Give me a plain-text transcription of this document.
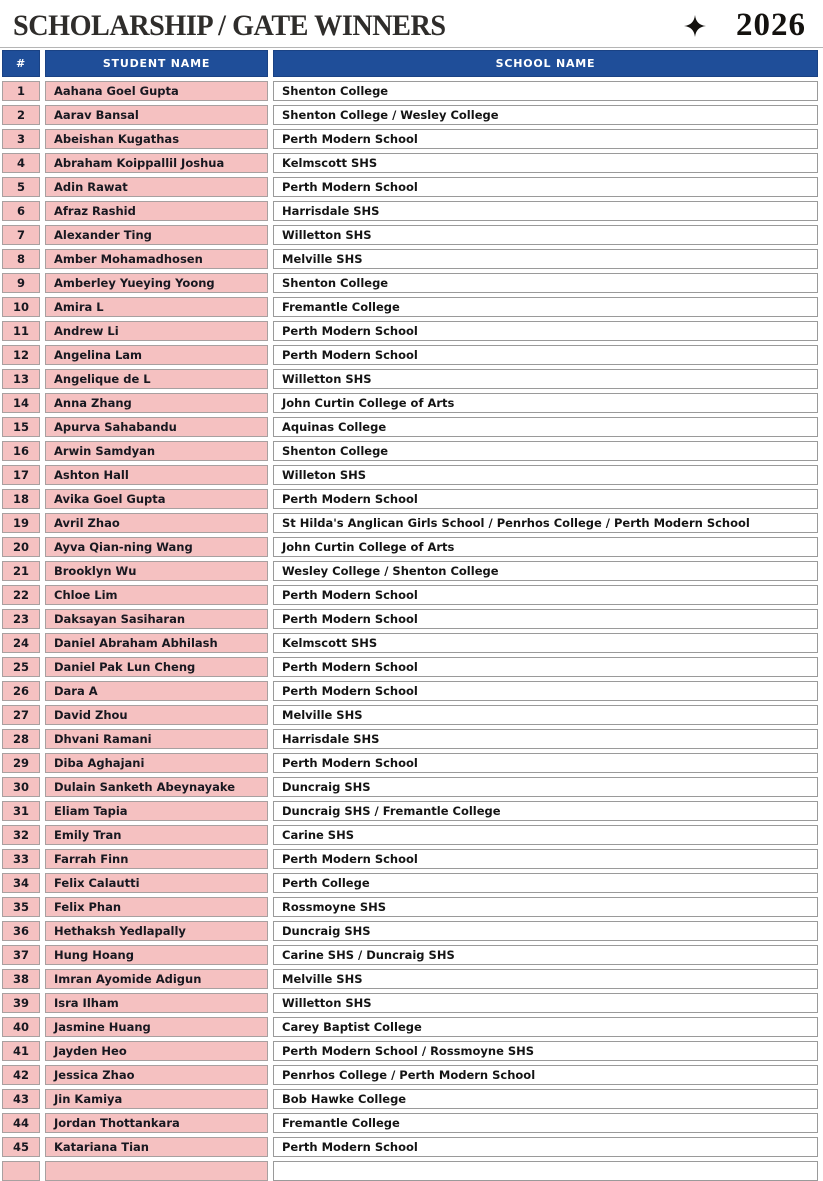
SCHOLARSHIP / GATE WINNERS	2026
#	STUDENT NAME	SCHOOL NAME
1	Aahana Goel Gupta	Shenton College
2	Aarav Bansal	Shenton College / Wesley College
3	Abeishan Kugathas	Perth Modern School
4	Abraham Koippallil Joshua	Kelmscott SHS
5	Adin Rawat	Perth Modern School
6	Afraz Rashid	Harrisdale SHS
7	Alexander Ting	Willetton SHS
8	Amber Mohamadhosen	Melville SHS
9	Amberley Yueying Yoong	Shenton College
10	Amira L	Fremantle College
11	Andrew Li	Perth Modern School
12	Angelina Lam	Perth Modern School
13	Angelique de L	Willetton SHS
14	Anna Zhang	John Curtin College of Arts
15	Apurva Sahabandu	Aquinas College
16	Arwin Samdyan	Shenton College
17	Ashton Hall	Willeton SHS
18	Avika Goel Gupta	Perth Modern School
19	Avril Zhao	St Hilda's Anglican Girls School / Penrhos College / Perth Modern School
20	Ayva Qian-ning Wang	John Curtin College of Arts
21	Brooklyn Wu	Wesley College / Shenton College
22	Chloe Lim	Perth Modern School
23	Daksayan Sasiharan	Perth Modern School
24	Daniel Abraham Abhilash	Kelmscott SHS
25	Daniel Pak Lun Cheng	Perth Modern School
26	Dara A	Perth Modern School
27	David Zhou	Melville SHS
28	Dhvani Ramani	Harrisdale SHS
29	Diba Aghajani	Perth Modern School
30	Dulain Sanketh Abeynayake	Duncraig SHS
31	Eliam Tapia	Duncraig SHS / Fremantle College
32	Emily Tran	Carine SHS
33	Farrah Finn	Perth Modern School
34	Felix Calautti	Perth College
35	Felix Phan	Rossmoyne SHS
36	Hethaksh Yedlapally	Duncraig SHS
37	Hung Hoang	Carine SHS / Duncraig SHS
38	Imran Ayomide Adigun	Melville SHS
39	Isra Ilham	Willetton SHS
40	Jasmine Huang	Carey Baptist College
41	Jayden Heo	Perth Modern School / Rossmoyne SHS
42	Jessica Zhao	Penrhos College / Perth Modern School
43	Jin Kamiya	Bob Hawke College
44	Jordan Thottankara	Fremantle College
45	Katariana Tian	Perth Modern School
